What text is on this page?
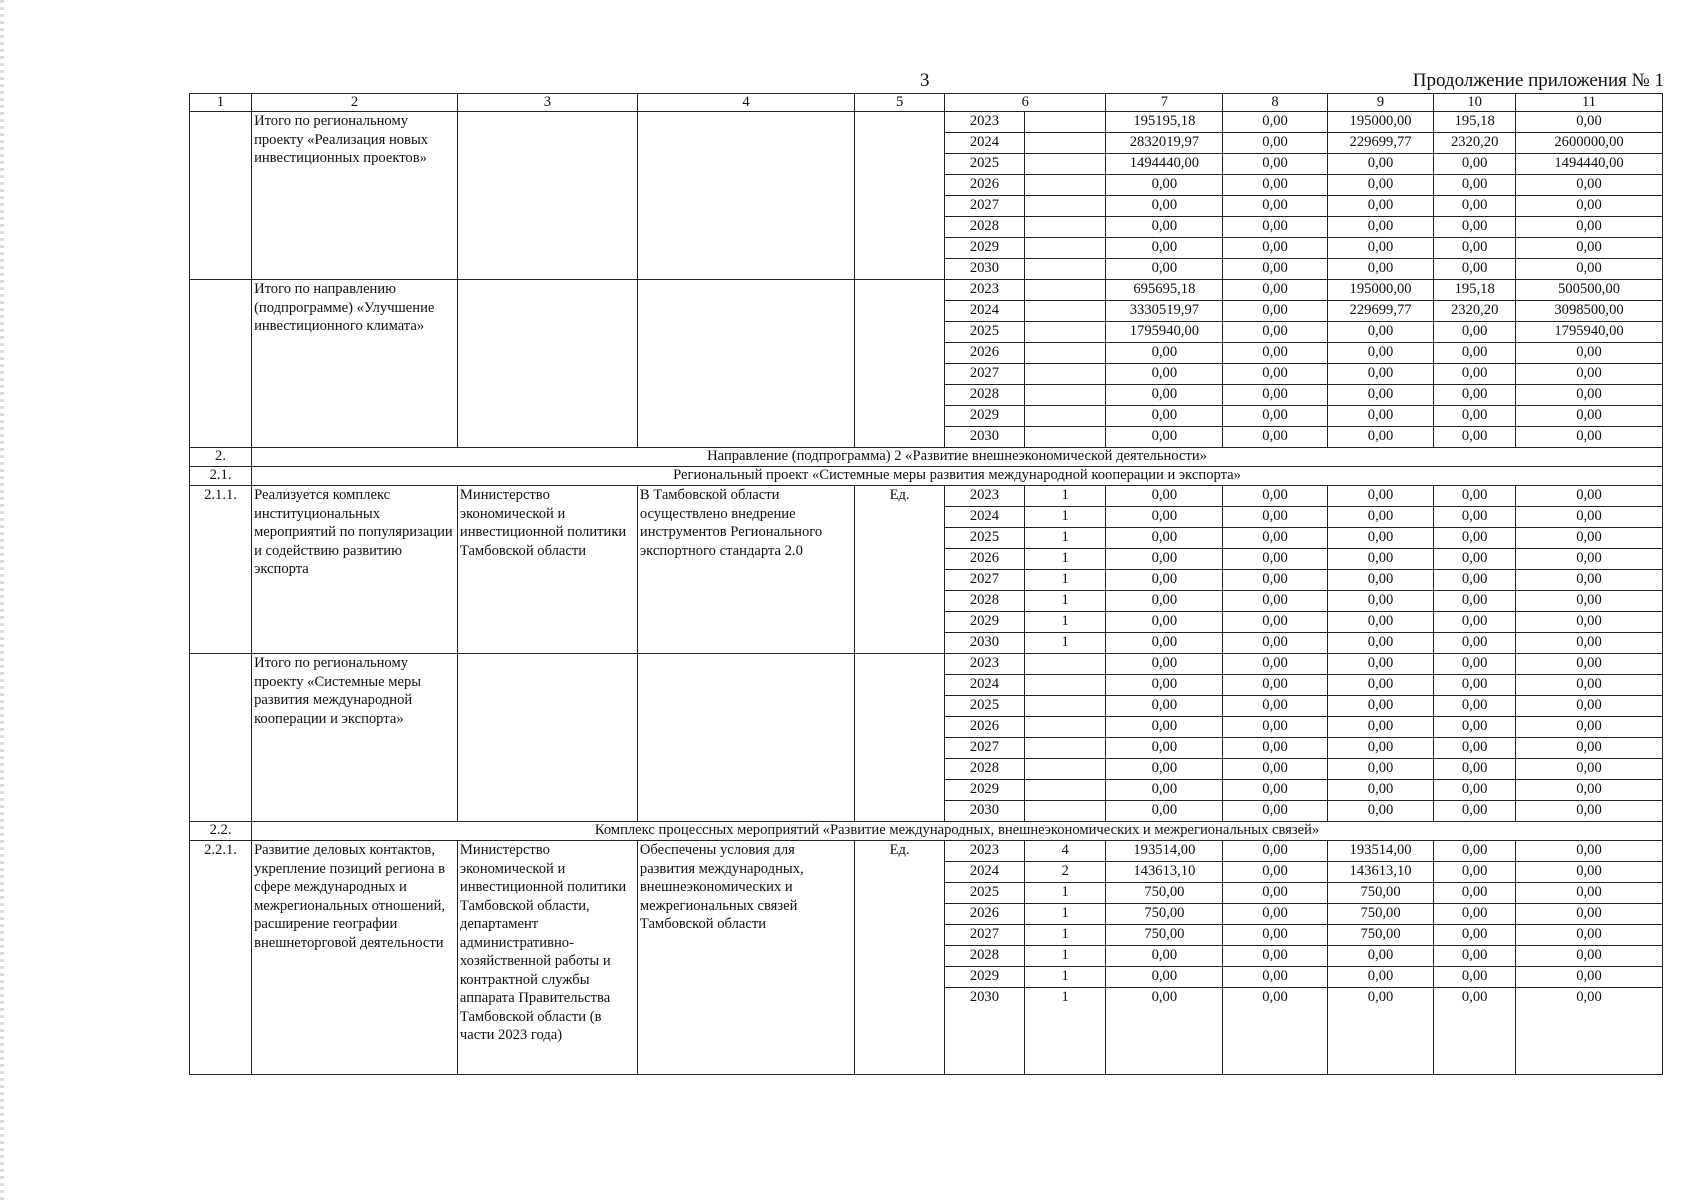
3	Продолжение приложения № 1
1	2	3	4	5	6		7	8	9	10	11
	Итого по региональному проекту «Реализация новых инвестиционных проектов»				2023		195195,18	0,00	195000,00	195,18	0,00
					2024		2832019,97	0,00	229699,77	2320,20	2600000,00
					2025		1494440,00	0,00	0,00	0,00	1494440,00
					2026		0,00	0,00	0,00	0,00	0,00
					2027		0,00	0,00	0,00	0,00	0,00
					2028		0,00	0,00	0,00	0,00	0,00
					2029		0,00	0,00	0,00	0,00	0,00
					2030		0,00	0,00	0,00	0,00	0,00
	Итого по направлению (подпрограмме) «Улучшение инвестиционного климата»				2023		695695,18	0,00	195000,00	195,18	500500,00
					2024		3330519,97	0,00	229699,77	2320,20	3098500,00
					2025		1795940,00	0,00	0,00	0,00	1795940,00
					2026		0,00	0,00	0,00	0,00	0,00
					2027		0,00	0,00	0,00	0,00	0,00
					2028		0,00	0,00	0,00	0,00	0,00
					2029		0,00	0,00	0,00	0,00	0,00
					2030		0,00	0,00	0,00	0,00	0,00
2.	Направление (подпрограмма) 2 «Развитие внешнеэкономической деятельности»										
2.1.	Региональный проект «Системные меры развития международной кооперации и экспорта»										
2.1.1.	Реализуется комплекс институциональных мероприятий по популяризации и содействию развитию экспорта	Министерство экономической и инвестиционной политики Тамбовской области	В Тамбовской области осуществлено внедрение инструментов Регионального экспортного стандарта 2.0	Ед.	2023	1	0,00	0,00	0,00	0,00	0,00
					2024	1	0,00	0,00	0,00	0,00	0,00
					2025	1	0,00	0,00	0,00	0,00	0,00
					2026	1	0,00	0,00	0,00	0,00	0,00
					2027	1	0,00	0,00	0,00	0,00	0,00
					2028	1	0,00	0,00	0,00	0,00	0,00
					2029	1	0,00	0,00	0,00	0,00	0,00
					2030	1	0,00	0,00	0,00	0,00	0,00
	Итого по региональному проекту «Системные меры развития международной кооперации и экспорта»				2023		0,00	0,00	0,00	0,00	0,00
					2024		0,00	0,00	0,00	0,00	0,00
					2025		0,00	0,00	0,00	0,00	0,00
					2026		0,00	0,00	0,00	0,00	0,00
					2027		0,00	0,00	0,00	0,00	0,00
					2028		0,00	0,00	0,00	0,00	0,00
					2029		0,00	0,00	0,00	0,00	0,00
					2030		0,00	0,00	0,00	0,00	0,00
2.2.	Комплекс процессных мероприятий «Развитие международных, внешнеэкономических и межрегиональных связей»										
2.2.1.	Развитие деловых контактов, укрепление позиций региона в сфере международных и межрегиональных отношений, расширение географии внешнеторговой деятельности	Министерство экономической и инвестиционной политики Тамбовской области, департамент административно-хозяйственной работы и контрактной службы аппарата Правительства Тамбовской области (в части 2023 года)	Обеспечены условия для развития международных, внешнеэкономических и межрегиональных связей Тамбовской области	Ед.	2023	4	193514,00	0,00	193514,00	0,00	0,00
					2024	2	143613,10	0,00	143613,10	0,00	0,00
					2025	1	750,00	0,00	750,00	0,00	0,00
					2026	1	750,00	0,00	750,00	0,00	0,00
					2027	1	750,00	0,00	750,00	0,00	0,00
					2028	1	0,00	0,00	0,00	0,00	0,00
					2029	1	0,00	0,00	0,00	0,00	0,00
					2030	1	0,00	0,00	0,00	0,00	0,00
